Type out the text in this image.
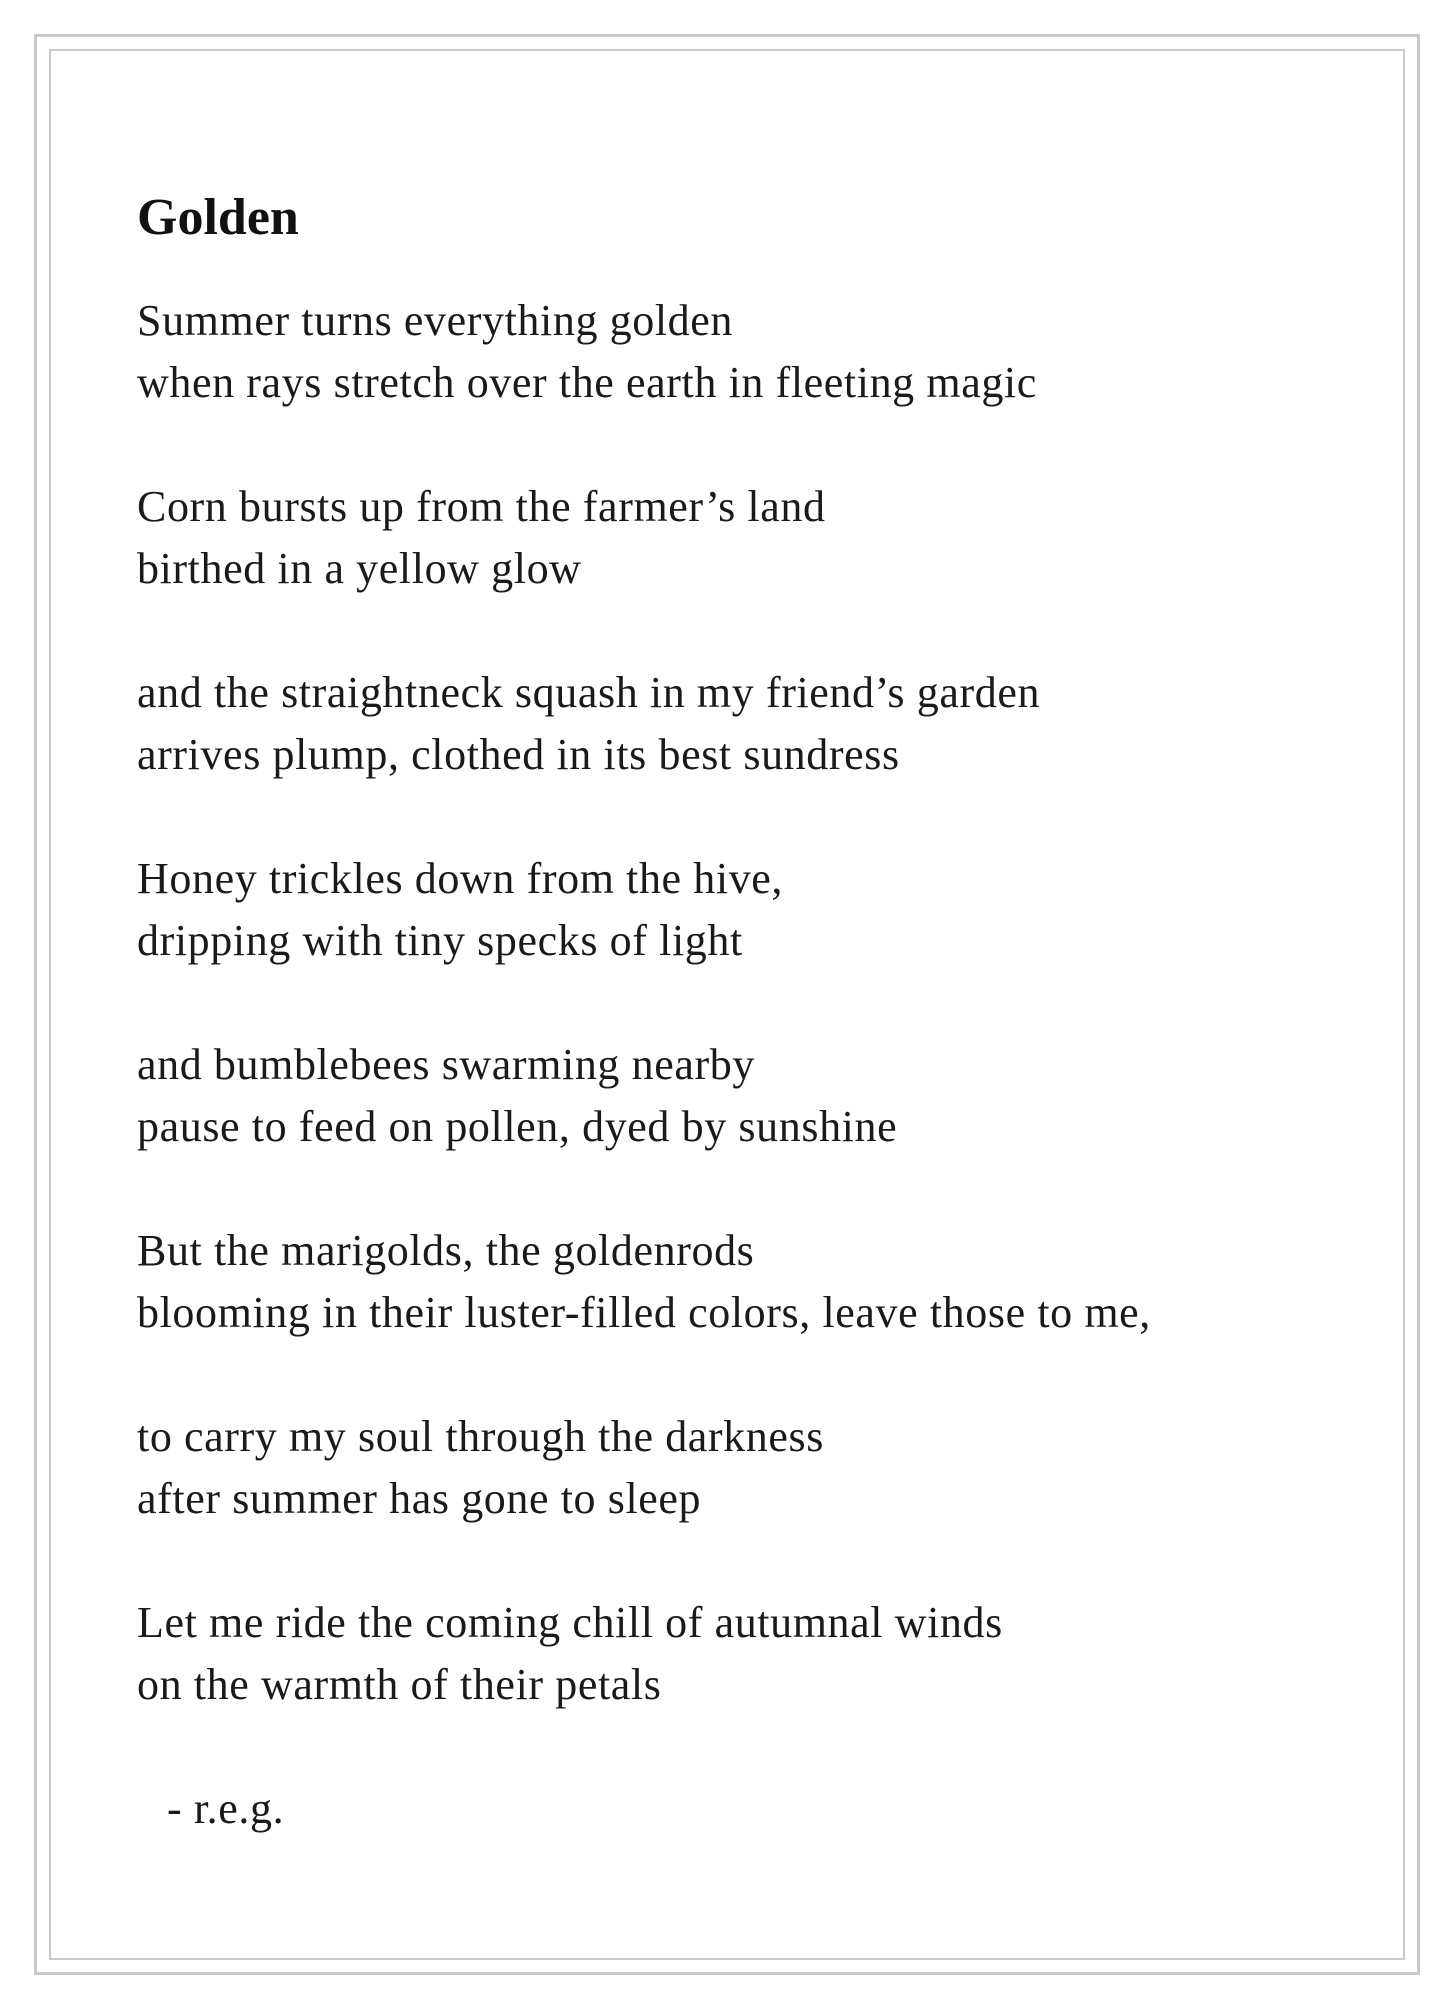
Golden
Summer turns everything golden
when rays stretch over the earth in fleeting magic
Corn bursts up from the farmer’s land
birthed in a yellow glow
and the straightneck squash in my friend’s garden
arrives plump, clothed in its best sundress
Honey trickles down from the hive,
dripping with tiny specks of light
and bumblebees swarming nearby
pause to feed on pollen, dyed by sunshine
But the marigolds, the goldenrods
blooming in their luster-filled colors, leave those to me,
to carry my soul through the darkness
after summer has gone to sleep
Let me ride the coming chill of autumnal winds
on the warmth of their petals

- r.e.g.
